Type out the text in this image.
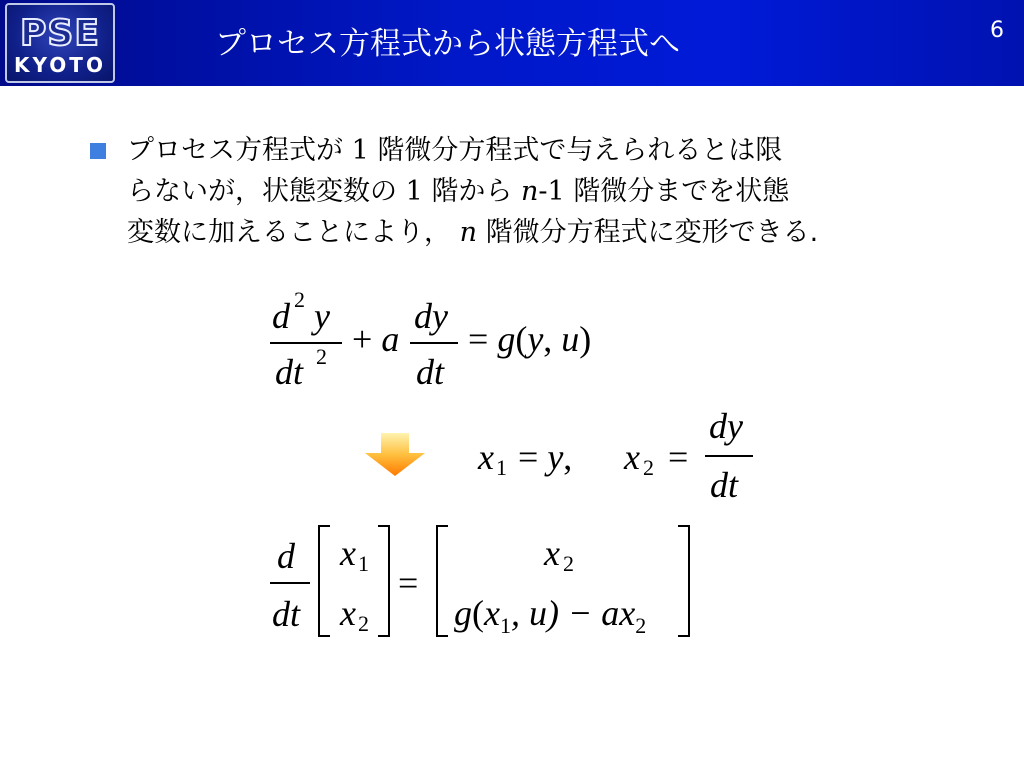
PSE
KYOTO
プロセス方程式から状態方程式へ	6
プロセス方程式が 1 階微分方程式で与えられるとは限
らないが，状態変数の 1 階から n-1 階微分までを状態
変数に加えることにより， n 階微分方程式に変形できる.
d 2 y
dt 2 + a
dy
dt
= g(y, u)
x 1 = y, x 2 =
dy
dt
d
dt
x 1
x 2
=
x 2
$g(x_1$, $u) - ax_2$
